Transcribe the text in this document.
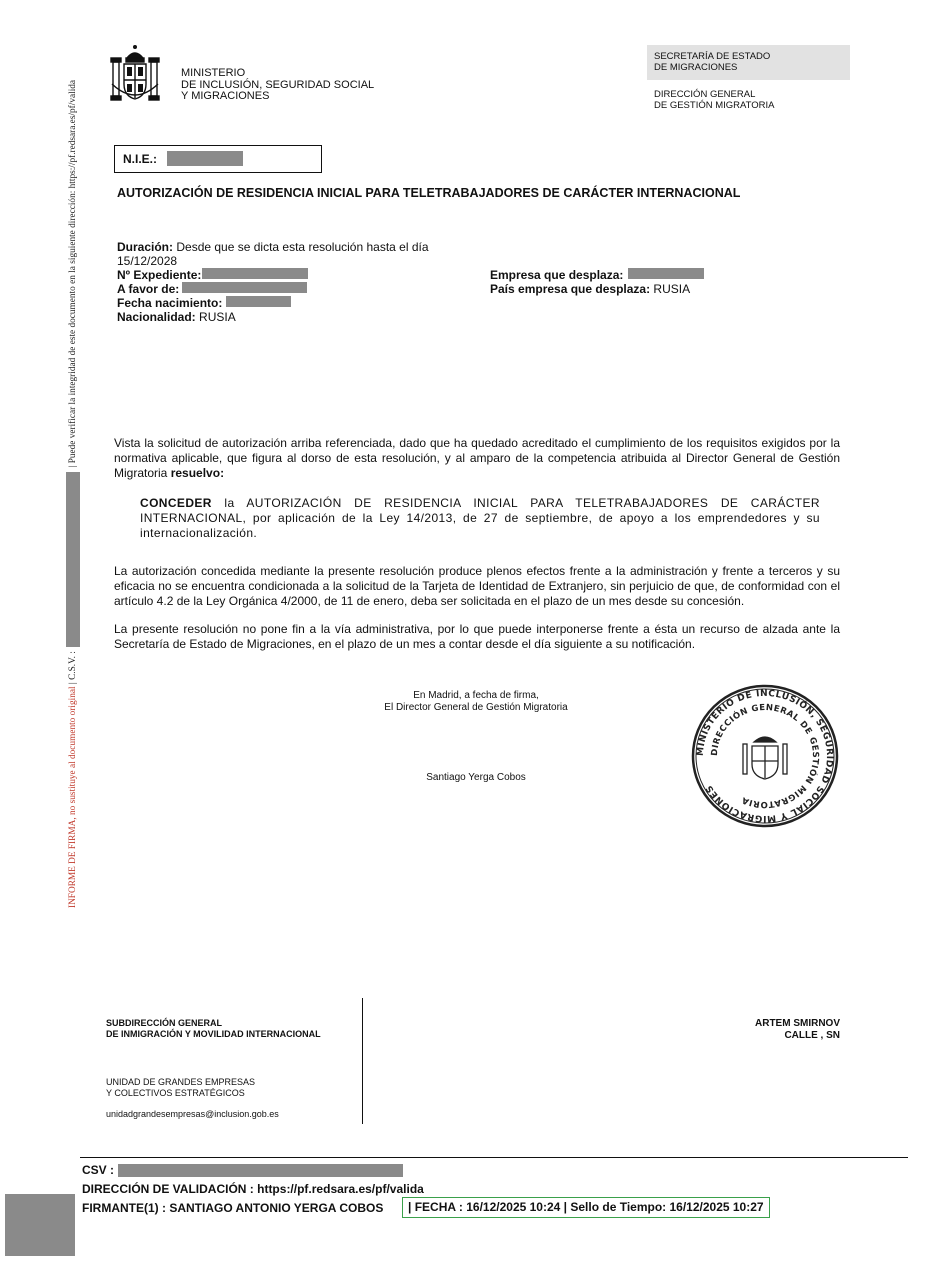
INFORME DE FIRMA, no sustituye al documento original | C.S.V. :  | Puede verificar la integridad de este documento en la siguiente dirección: https://pf.redsara.es/pf/valida
MINISTERIO
DE INCLUSIÓN, SEGURIDAD SOCIAL
Y MIGRACIONES
SECRETARÍA DE ESTADO
DE MIGRACIONES
DIRECCIÓN GENERAL
DE GESTIÓN MIGRATORIA
N.I.E.:
AUTORIZACIÓN DE RESIDENCIA INICIAL PARA TELETRABAJADORES DE CARÁCTER INTERNACIONAL
Duración: Desde que se dicta esta resolución hasta el día
15/12/2028
Nº Expediente:
A favor de:
Fecha nacimiento:
Nacionalidad: RUSIA
Empresa que desplaza:
País empresa que desplaza: RUSIA
Vista la solicitud de autorización arriba referenciada, dado que ha quedado acreditado el cumplimiento de los requisitos exigidos por la normativa aplicable, que figura al dorso de esta resolución, y al amparo de la competencia atribuida al Director General de Gestión Migratoria resuelvo:
CONCEDER la AUTORIZACIÓN DE RESIDENCIA INICIAL PARA TELETRABAJADORES DE CARÁCTER INTERNACIONAL, por aplicación de la Ley 14/2013, de 27 de septiembre, de apoyo a los emprendedores y su internacionalización.
La autorización concedida mediante la presente resolución produce plenos efectos frente a la administración y frente a terceros y su eficacia no se encuentra condicionada a la solicitud de la Tarjeta de Identidad de Extranjero, sin perjuicio de que, de conformidad con el artículo 4.2 de la Ley Orgánica 4/2000, de 11 de enero, deba ser solicitada en el plazo de un mes desde su concesión.
La presente resolución no pone fin a la vía administrativa, por lo que puede interponerse frente a ésta un recurso de alzada ante la Secretaría de Estado de Migraciones, en el plazo de un mes a contar desde el día siguiente a su notificación.
En Madrid, a fecha de firma,
El Director General de Gestión Migratoria
Santiago Yerga Cobos
MINISTERIO DE INCLUSIÓN, SEGURIDAD SOCIAL Y MIGRACIONES
DIRECCIÓN GENERAL DE GESTIÓN MIGRATORIA
SUBDIRECCIÓN GENERAL
DE INMIGRACIÓN Y MOVILIDAD INTERNACIONAL
UNIDAD DE GRANDES EMPRESAS
Y COLECTIVOS ESTRATÉGICOS
unidadgrandesempresas@inclusion.gob.es
ARTEM SMIRNOV
CALLE , SN
CSV :
DIRECCIÓN DE VALIDACIÓN : https://pf.redsara.es/pf/valida
FIRMANTE(1) : SANTIAGO ANTONIO YERGA COBOS	| FECHA : 16/12/2025 10:24 | Sello de Tiempo: 16/12/2025 10:27
